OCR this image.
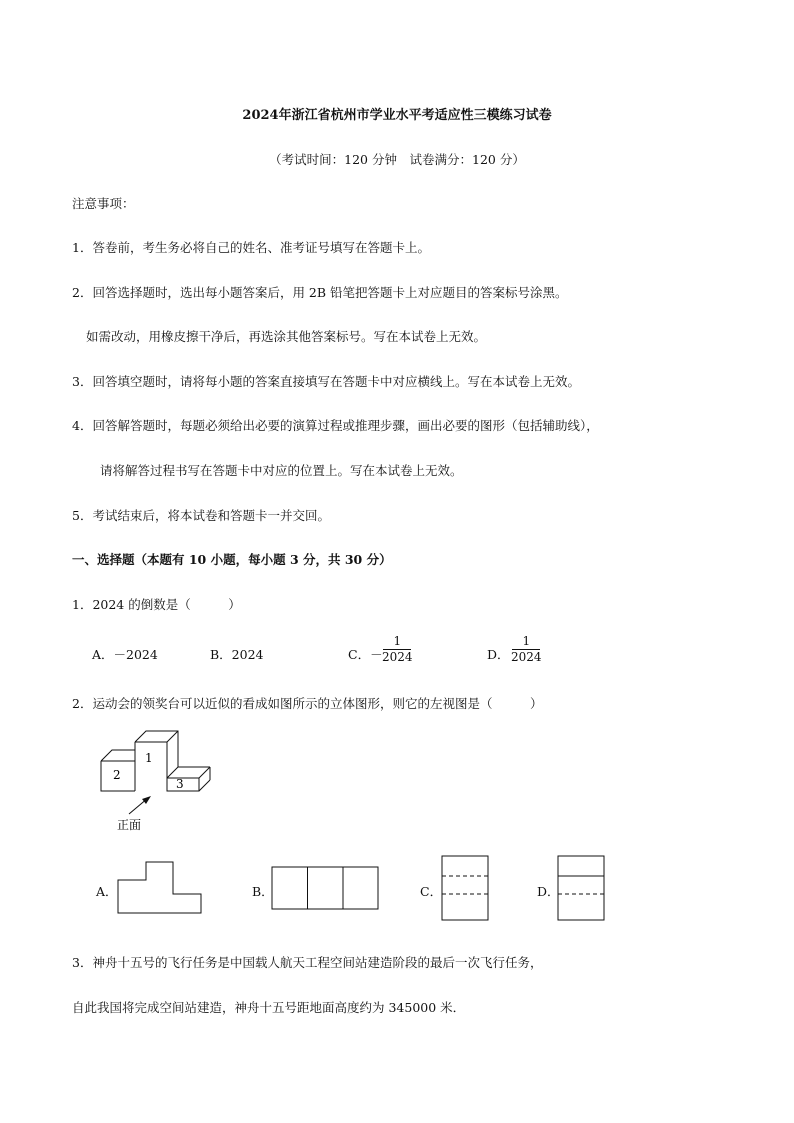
2024年浙江省杭州市学业水平考适应性三模练习试卷
（考试时间：120 分钟　试卷满分：120 分）
注意事项：
1．答卷前，考生务必将自己的姓名、准考证号填写在答题卡上。
2．回答选择题时，选出每小题答案后，用 2B 铅笔把答题卡上对应题目的答案标号涂黑。
如需改动，用橡皮擦干净后，再选涂其他答案标号。写在本试卷上无效。
3．回答填空题时，请将每小题的答案直接填写在答题卡中对应横线上。写在本试卷上无效。
4．回答解答题时，每题必须给出必要的演算过程或推理步骤，画出必要的图形（包括辅助线），
请将解答过程书写在答题卡中对应的位置上。写在本试卷上无效。
5．考试结束后，将本试卷和答题卡一并交回。
一、选择题（本题有 10 小题，每小题 3 分，共 30 分）
1．2024 的倒数是（　　　）
A．－2024	B．2024	C．－
1
2024	D．
1
2024
2．运动会的领奖台可以近似的看成如图所示的立体图形，则它的左视图是（　　　）
1
2
3
正面
A．	B．	C．	D．
3．神舟十五号的飞行任务是中国载人航天工程空间站建造阶段的最后一次飞行任务，
自此我国将完成空间站建造，神舟十五号距地面高度约为 345000 米．
